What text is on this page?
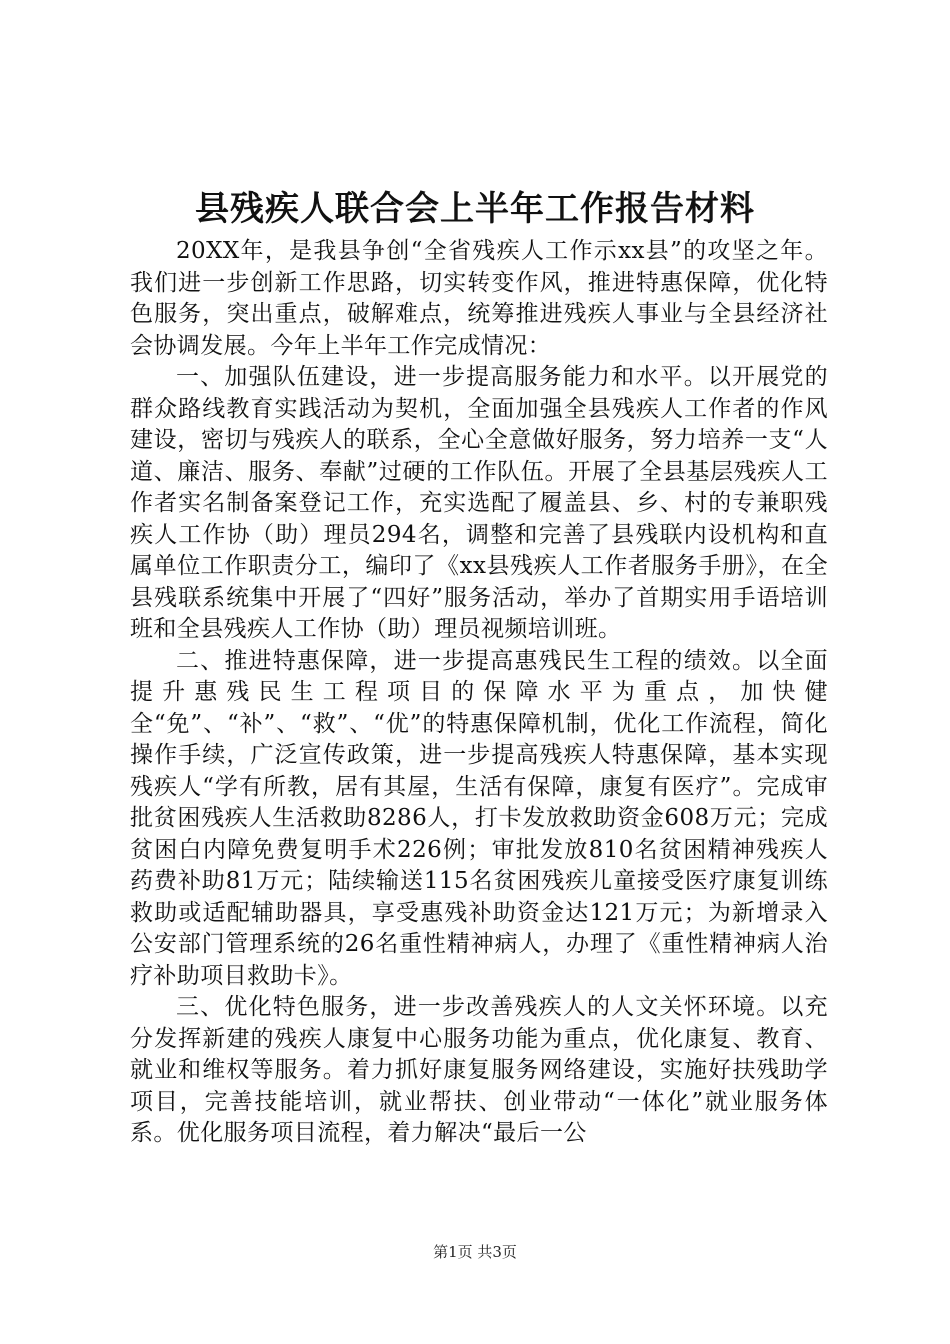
县残疾人联合会上半年工作报告材料

20XX年，是我县争创“全省残疾人工作示xx县”的攻坚之年。我们进一步创新工作思路，切实转变作风，推进特惠保障，优化特色服务，突出重点，破解难点，统筹推进残疾人事业与全县经济社会协调发展。今年上半年工作完成情况：

一、加强队伍建设，进一步提高服务能力和水平。以开展党的群众路线教育实践活动为契机，全面加强全县残疾人工作者的作风建设，密切与残疾人的联系，全心全意做好服务，努力培养一支“人道、廉洁、服务、奉献”过硬的工作队伍。开展了全县基层残疾人工作者实名制备案登记工作，充实选配了履盖县、乡、村的专兼职残疾人工作协（助）理员294名，调整和完善了县残联内设机构和直属单位工作职责分工，编印了《xx县残疾人工作者服务手册》，在全县残联系统集中开展了“四好”服务活动，举办了首期实用手语培训班和全县残疾人工作协（助）理员视频培训班。

二、推进特惠保障，进一步提高惠残民生工程的绩效。以全面提升惠残民生工程项目的保障水平为重点，加快健全“免”、“补”、“救”、“优”的特惠保障机制，优化工作流程，简化操作手续，广泛宣传政策，进一步提高残疾人特惠保障，基本实现残疾人“学有所教，居有其屋，生活有保障，康复有医疗”。完成审批贫困残疾人生活救助8286人，打卡发放救助资金608万元；完成贫困白内障免费复明手术226例；审批发放810名贫困精神残疾人药费补助81万元；陆续输送115名贫困残疾儿童接受医疗康复训练救助或适配辅助器具，享受惠残补助资金达121万元；为新增录入公安部门管理系统的26名重性精神病人，办理了《重性精神病人治疗补助项目救助卡》。

三、优化特色服务，进一步改善残疾人的人文关怀环境。以充分发挥新建的残疾人康复中心服务功能为重点，优化康复、教育、就业和维权等服务。着力抓好康复服务网络建设，实施好扶残助学项目，完善技能培训，就业帮扶、创业带动“一体化”就业服务体系。优化服务项目流程，着力解决“最后一公

第1页 共3页
